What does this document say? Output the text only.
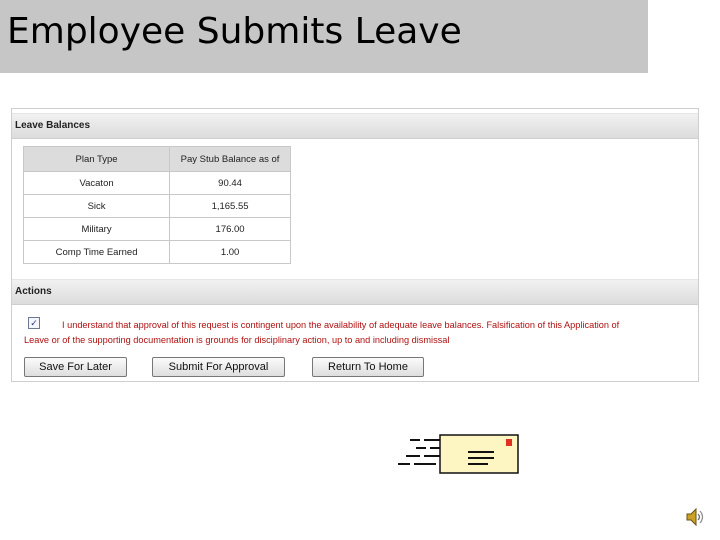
Employee Submits Leave
Leave Balances
Plan Type	Pay Stub Balance as of
Vacaton	90.44
Sick	1,165.55
Military	176.00
Comp Time Earned	1.00
Actions
I understand that approval of this request is contingent upon the availability of adequate leave balances. Falsification of this Application of Leave or of the supporting documentation is grounds for disciplinary action, up to and including dismissal
✓
Save For Later	Submit For Approval	Return To Home
